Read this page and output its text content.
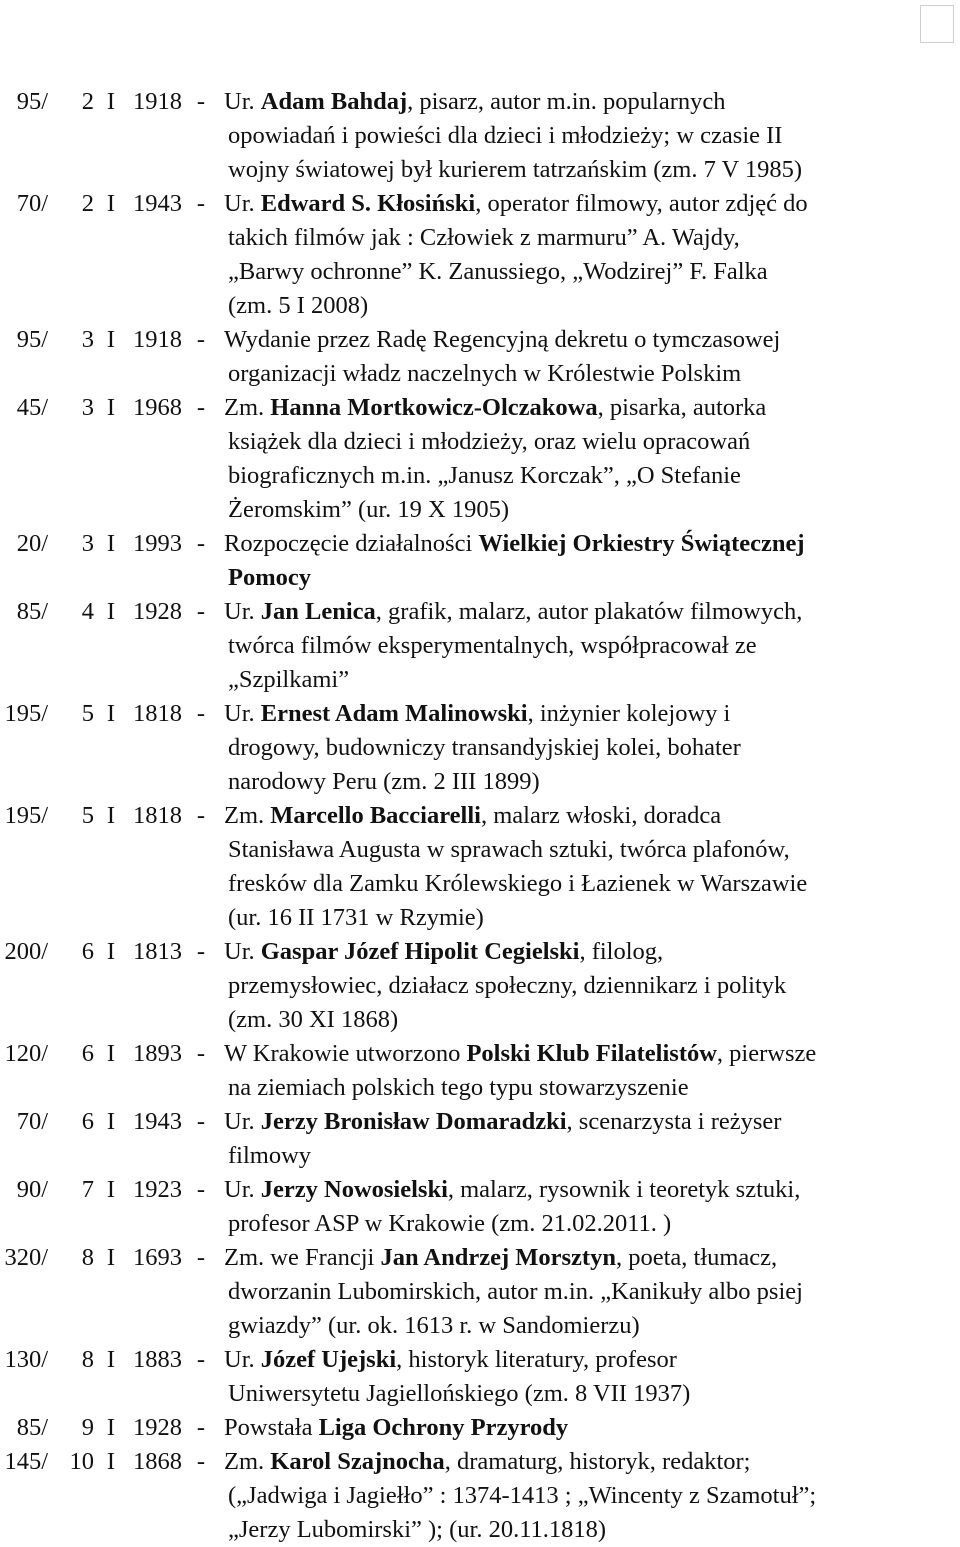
95/	2 I 1918 - Ur. Adam Bahdaj, pisarz, autor m.in. popularnych
opowiadań i powieści dla dzieci i młodzieży; w czasie II
wojny światowej był kurierem tatrzańskim (zm. 7 V 1985)
70/	2 I 1943 - Ur. Edward S. Kłosiński, operator filmowy, autor zdjęć do
takich filmów jak : Człowiek z marmuru” A. Wajdy,
„Barwy ochronne” K. Zanussiego, „Wodzirej” F. Falka
(zm. 5 I 2008)
95/	3 I 1918 - Wydanie przez Radę Regencyjną dekretu o tymczasowej
organizacji władz naczelnych w Królestwie Polskim
45/	3 I 1968 - Zm. Hanna Mortkowicz-Olczakowa, pisarka, autorka
książek dla dzieci i młodzieży, oraz wielu opracowań
biograficznych m.in. „Janusz Korczak”, „O Stefanie
Żeromskim” (ur. 19 X 1905)
20/	3 I 1993 - Rozpoczęcie działalności Wielkiej Orkiestry Świątecznej
Pomocy
85/	4 I 1928 - Ur. Jan Lenica, grafik, malarz, autor plakatów filmowych,
twórca filmów eksperymentalnych, współpracował ze
„Szpilkami”
195/	5 I 1818 - Ur. Ernest Adam Malinowski, inżynier kolejowy i
drogowy, budowniczy transandyjskiej kolei, bohater
narodowy Peru (zm. 2 III 1899)
195/	5 I 1818 - Zm. Marcello Bacciarelli, malarz włoski, doradca
Stanisława Augusta w sprawach sztuki, twórca plafonów,
fresków dla Zamku Królewskiego i Łazienek w Warszawie
(ur. 16 II 1731 w Rzymie)
200/	6 I 1813 - Ur. Gaspar Józef Hipolit Cegielski, filolog,
przemysłowiec, działacz społeczny, dziennikarz i polityk
(zm. 30 XI 1868)
120/	6 I 1893 - W Krakowie utworzono Polski Klub Filatelistów, pierwsze
na ziemiach polskich tego typu stowarzyszenie
70/	6 I 1943 - Ur. Jerzy Bronisław Domaradzki, scenarzysta i reżyser
filmowy
90/	7 I 1923 - Ur. Jerzy Nowosielski, malarz, rysownik i teoretyk sztuki,
profesor ASP w Krakowie (zm. 21.02.2011. )
320/	8 I 1693 - Zm. we Francji Jan Andrzej Morsztyn, poeta, tłumacz,
dworzanin Lubomirskich, autor m.in. „Kanikuły albo psiej
gwiazdy” (ur. ok. 1613 r. w Sandomierzu)
130/	8 I 1883 - Ur. Józef Ujejski, historyk literatury, profesor
Uniwersytetu Jagiellońskiego (zm. 8 VII 1937)
85/	9 I 1928 - Powstała Liga Ochrony Przyrody
145/ 10 I 1868 - Zm. Karol Szajnocha, dramaturg, historyk, redaktor;
(„Jadwiga i Jagiełło” : 1374-1413 ; „Wincenty z Szamotuł”;
„Jerzy Lubomirski” ); (ur. 20.11.1818)
